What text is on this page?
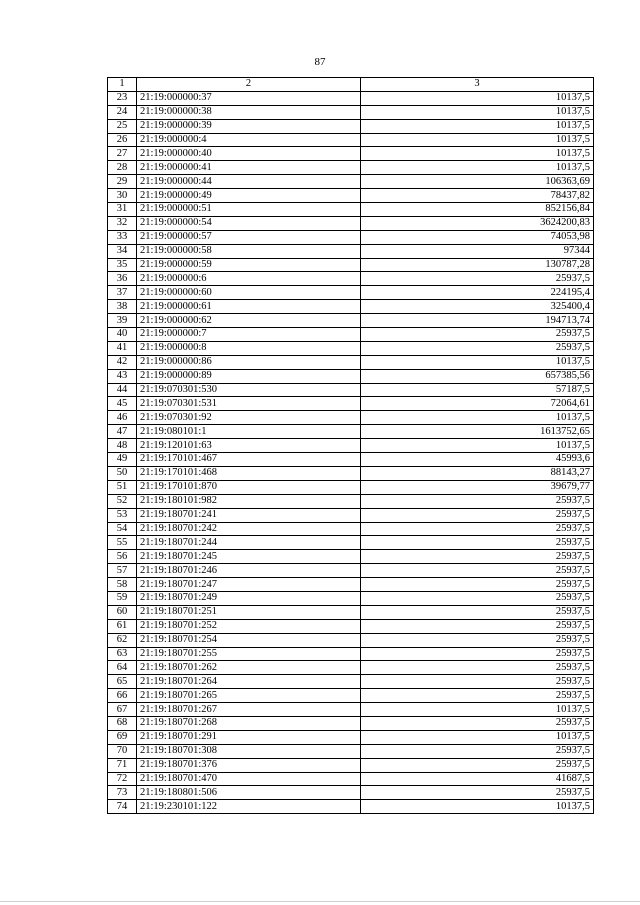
87
1	2	3
23	21:19:000000:37	10137,5
24	21:19:000000:38	10137,5
25	21:19:000000:39	10137,5
26	21:19:000000:4	10137,5
27	21:19:000000:40	10137,5
28	21:19:000000:41	10137,5
29	21:19:000000:44	106363,69
30	21:19:000000:49	78437,82
31	21:19:000000:51	852156,84
32	21:19:000000:54	3624200,83
33	21:19:000000:57	74053,98
34	21:19:000000:58	97344
35	21:19:000000:59	130787,28
36	21:19:000000:6	25937,5
37	21:19:000000:60	224195,4
38	21:19:000000:61	325400,4
39	21:19:000000:62	194713,74
40	21:19:000000:7	25937,5
41	21:19:000000:8	25937,5
42	21:19:000000:86	10137,5
43	21:19:000000:89	657385,56
44	21:19:070301:530	57187,5
45	21:19:070301:531	72064,61
46	21:19:070301:92	10137,5
47	21:19:080101:1	1613752,65
48	21:19:120101:63	10137,5
49	21:19:170101:467	45993,6
50	21:19:170101:468	88143,27
51	21:19:170101:870	39679,77
52	21:19:180101:982	25937,5
53	21:19:180701:241	25937,5
54	21:19:180701:242	25937,5
55	21:19:180701:244	25937,5
56	21:19:180701:245	25937,5
57	21:19:180701:246	25937,5
58	21:19:180701:247	25937,5
59	21:19:180701:249	25937,5
60	21:19:180701:251	25937,5
61	21:19:180701:252	25937,5
62	21:19:180701:254	25937,5
63	21:19:180701:255	25937,5
64	21:19:180701:262	25937,5
65	21:19:180701:264	25937,5
66	21:19:180701:265	25937,5
67	21:19:180701:267	10137,5
68	21:19:180701:268	25937,5
69	21:19:180701:291	10137,5
70	21:19:180701:308	25937,5
71	21:19:180701:376	25937,5
72	21:19:180701:470	41687,5
73	21:19:180801:506	25937,5
74	21:19:230101:122	10137,5
